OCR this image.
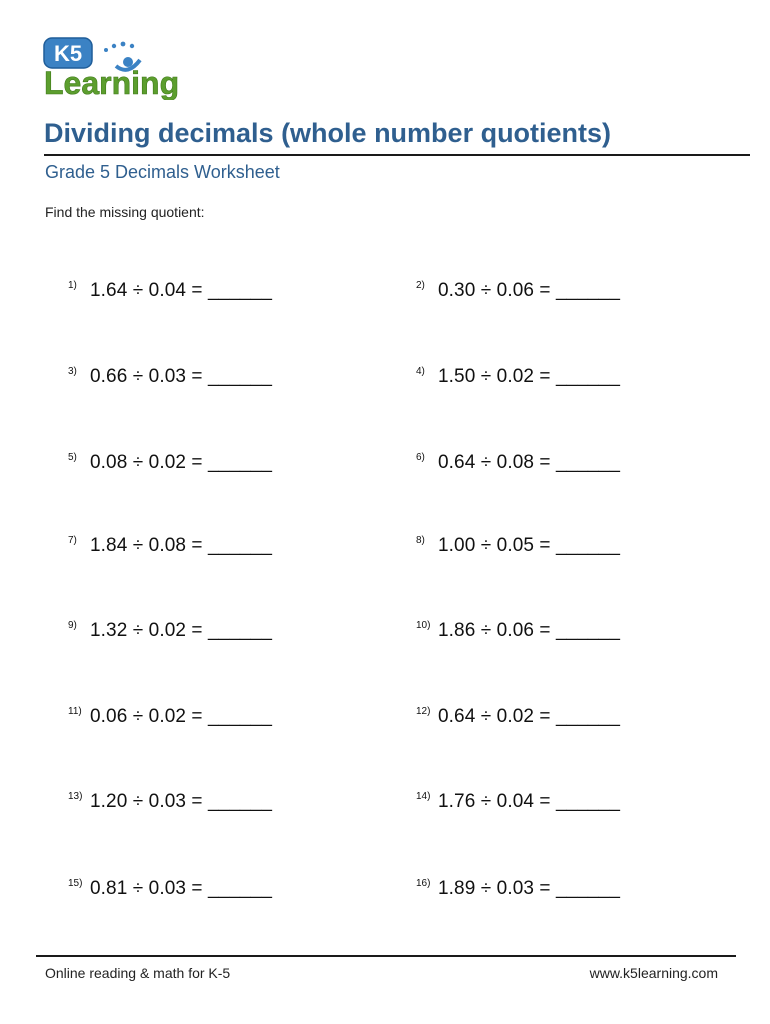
K5
Learning
Dividing decimals (whole number quotients)
Grade 5 Decimals Worksheet
Find the missing quotient:
1) 1.64 ÷ 0.04 = ______	2) 0.30 ÷ 0.06 = ______
3) 0.66 ÷ 0.03 = ______	4) 1.50 ÷ 0.02 = ______
5) 0.08 ÷ 0.02 = ______	6) 0.64 ÷ 0.08 = ______
7) 1.84 ÷ 0.08 = ______	8) 1.00 ÷ 0.05 = ______
9) 1.32 ÷ 0.02 = ______	10) 1.86 ÷ 0.06 = ______
11) 0.06 ÷ 0.02 = ______	12) 0.64 ÷ 0.02 = ______
13) 1.20 ÷ 0.03 = ______	14) 1.76 ÷ 0.04 = ______
15) 0.81 ÷ 0.03 = ______	16) 1.89 ÷ 0.03 = ______
Online reading & math for K-5	www.k5learning.com
